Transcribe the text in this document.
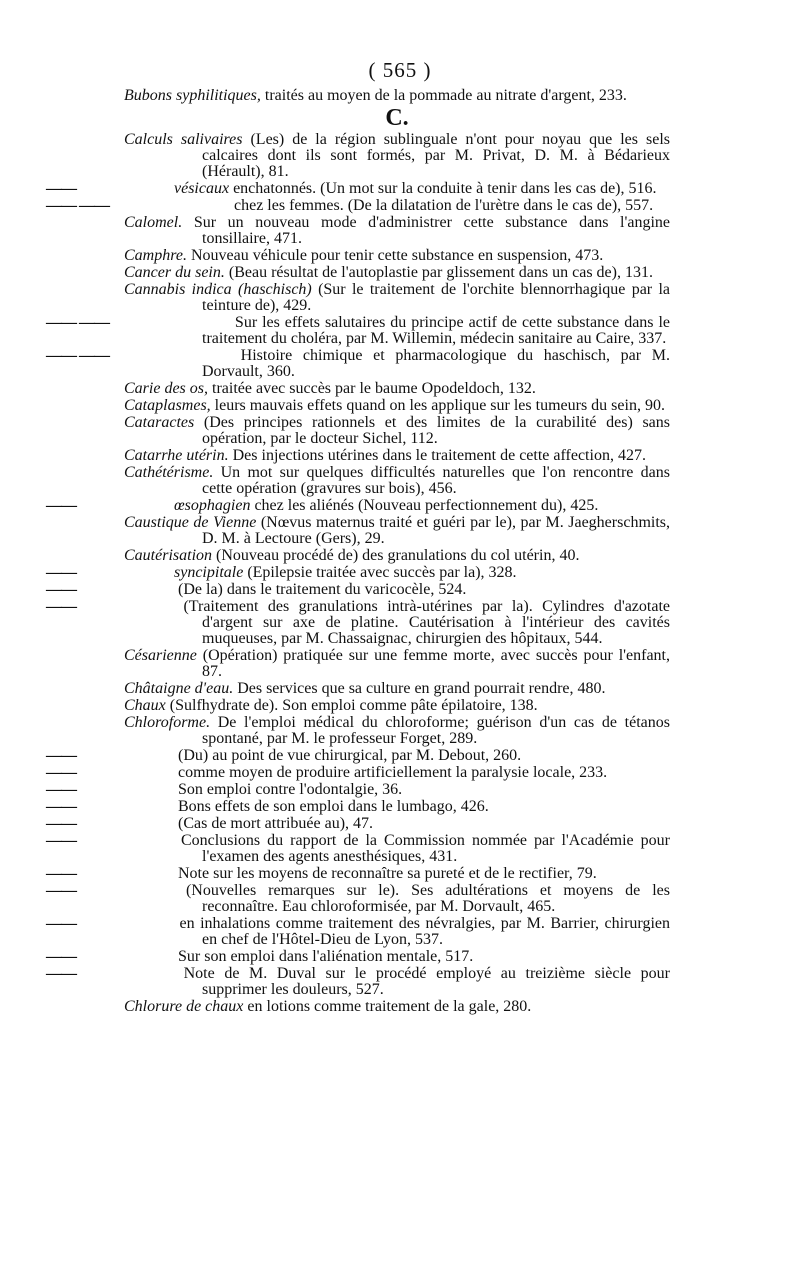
( 565 )

Bubons syphilitiques, traités au moyen de la pommade au nitrate d'argent, 233.

C.

Calculs salivaires (Les) de la région sublinguale n'ont pour noyau que les sels calcaires dont ils sont formés, par M. Privat, D. M. à Bédarieux (Hérault), 81.

——	vésicaux enchatonnés. (Un mot sur la conduite à tenir dans les cas de), 516.

—— ——	chez les femmes. (De la dilatation de l'urètre dans le cas de), 557.

Calomel. Sur un nouveau mode d'administrer cette substance dans l'angine tonsillaire, 471.

Camphre. Nouveau véhicule pour tenir cette substance en suspension, 473.

Cancer du sein. (Beau résultat de l'autoplastie par glissement dans un cas de), 131.

Cannabis indica (haschisch) (Sur le traitement de l'orchite blennorrhagique par la teinture de), 429.

—— ——	Sur les effets salutaires du principe actif de cette substance dans le traitement du choléra, par M. Willemin, médecin sanitaire au Caire, 337.

—— ——	Histoire chimique et pharmacologique du haschisch, par M. Dorvault, 360.

Carie des os, traitée avec succès par le baume Opodeldoch, 132.

Cataplasmes, leurs mauvais effets quand on les applique sur les tumeurs du sein, 90.

Cataractes (Des principes rationnels et des limites de la curabilité des) sans opération, par le docteur Sichel, 112.

Catarrhe utérin. Des injections utérines dans le traitement de cette affection, 427.

Cathétérisme. Un mot sur quelques difficultés naturelles que l'on rencontre dans cette opération (gravures sur bois), 456.

——	œsophagien chez les aliénés (Nouveau perfectionnement du), 425.

Caustique de Vienne (Nœvus maternus traité et guéri par le), par M. Jaegherschmits, D. M. à Lectoure (Gers), 29.

Cautérisation (Nouveau procédé de) des granulations du col utérin, 40.

——	syncipitale (Epilepsie traitée avec succès par la), 328.

——	(De la) dans le traitement du varicocèle, 524.

——	(Traitement des granulations intrà-utérines par la). Cylindres d'azotate d'argent sur axe de platine. Cautérisation à l'intérieur des cavités muqueuses, par M. Chassaignac, chirurgien des hôpitaux, 544.

Césarienne (Opération) pratiquée sur une femme morte, avec succès pour l'enfant, 87.

Châtaigne d'eau. Des services que sa culture en grand pourrait rendre, 480.

Chaux (Sulfhydrate de). Son emploi comme pâte épilatoire, 138.

Chloroforme. De l'emploi médical du chloroforme; guérison d'un cas de tétanos spontané, par M. le professeur Forget, 289.

——	(Du) au point de vue chirurgical, par M. Debout, 260.

——	comme moyen de produire artificiellement la paralysie locale, 233.

——	Son emploi contre l'odontalgie, 36.

——	Bons effets de son emploi dans le lumbago, 426.

——	(Cas de mort attribuée au), 47.

——	Conclusions du rapport de la Commission nommée par l'Académie pour l'examen des agents anesthésiques, 431.

——	Note sur les moyens de reconnaître sa pureté et de le rectifier, 79.

——	(Nouvelles remarques sur le). Ses adultérations et moyens de les reconnaître. Eau chloroformisée, par M. Dorvault, 465.

——	en inhalations comme traitement des névralgies, par M. Barrier, chirurgien en chef de l'Hôtel-Dieu de Lyon, 537.

——	Sur son emploi dans l'aliénation mentale, 517.

——	Note de M. Duval sur le procédé employé au treizième siècle pour supprimer les douleurs, 527.

Chlorure de chaux en lotions comme traitement de la gale, 280.
